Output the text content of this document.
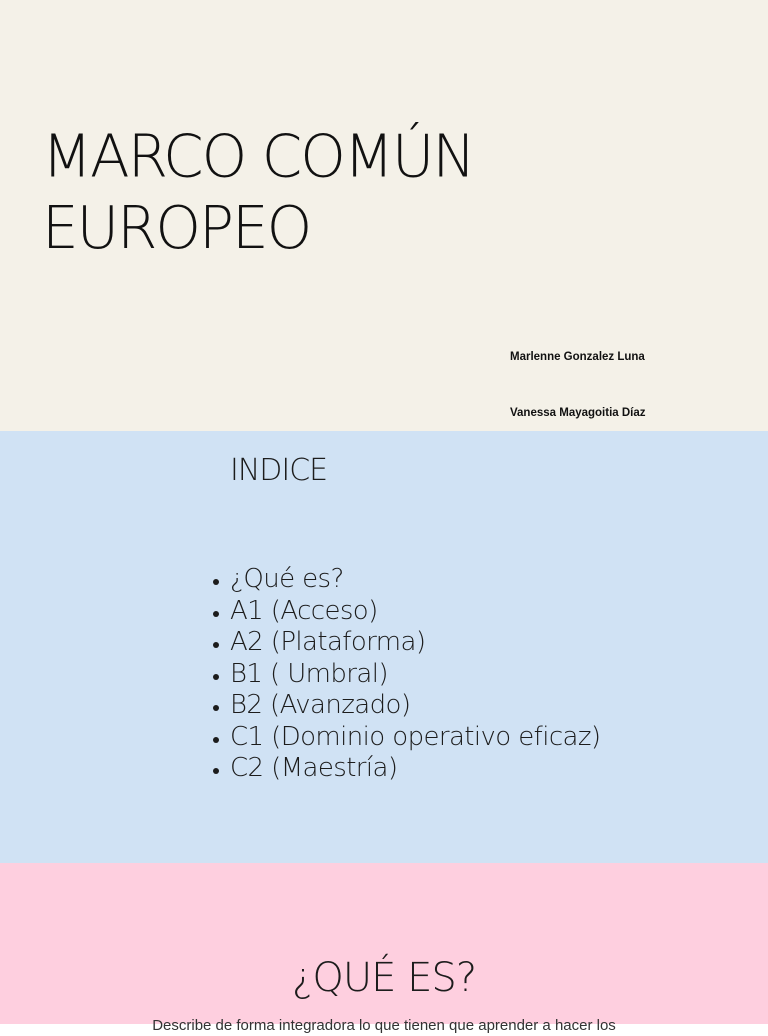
MARCO COMÚN
EUROPEO

Marlenne Gonzalez Luna

Vanessa Mayagoitia Díaz

INDICE
¿Qué es?
A1 (Acceso)
A2 (Plataforma)
B1 ( Umbral)
B2 (Avanzado)
C1 (Dominio operativo eficaz)
C2 (Maestría)
¿QUÉ ES?

Describe de forma integradora lo que tienen que aprender a hacer los
